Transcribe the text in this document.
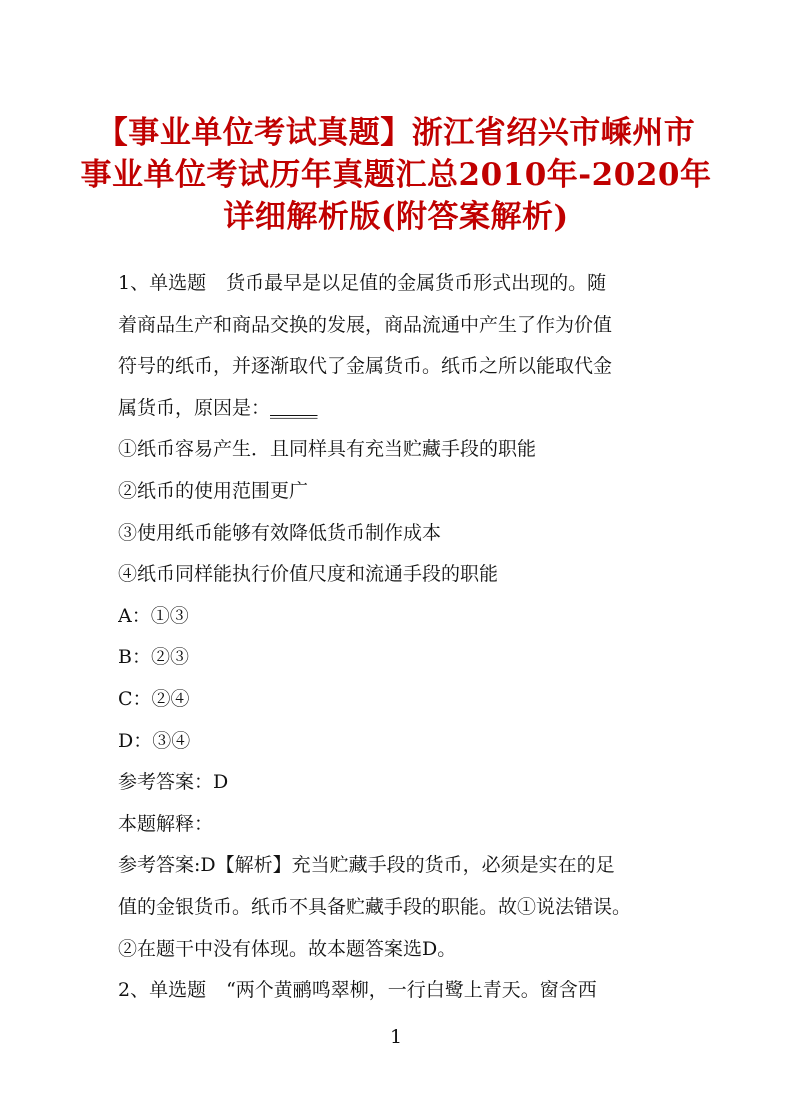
【事业单位考试真题】浙江省绍兴市嵊州市
事业单位考试历年真题汇总2010年-2020年
详细解析版(附答案解析)
1、单选题 货币最早是以足值的金属货币形式出现的。随
着商品生产和商品交换的发展，商品流通中产生了作为价值
符号的纸币，并逐渐取代了金属货币。纸币之所以能取代金
属货币，原因是：_____
①纸币容易产生．且同样具有充当贮藏手段的职能
②纸币的使用范围更广
③使用纸币能够有效降低货币制作成本
④纸币同样能执行价值尺度和流通手段的职能
A：①③
B：②③
C：②④
D：③④
参考答案：D
本题解释：
参考答案:D【解析】充当贮藏手段的货币，必须是实在的足
值的金银货币。纸币不具备贮藏手段的职能。故①说法错误。
②在题干中没有体现。故本题答案选D。
2、单选题 “两个黄鹂鸣翠柳，一行白鹭上青天。窗含西
1
